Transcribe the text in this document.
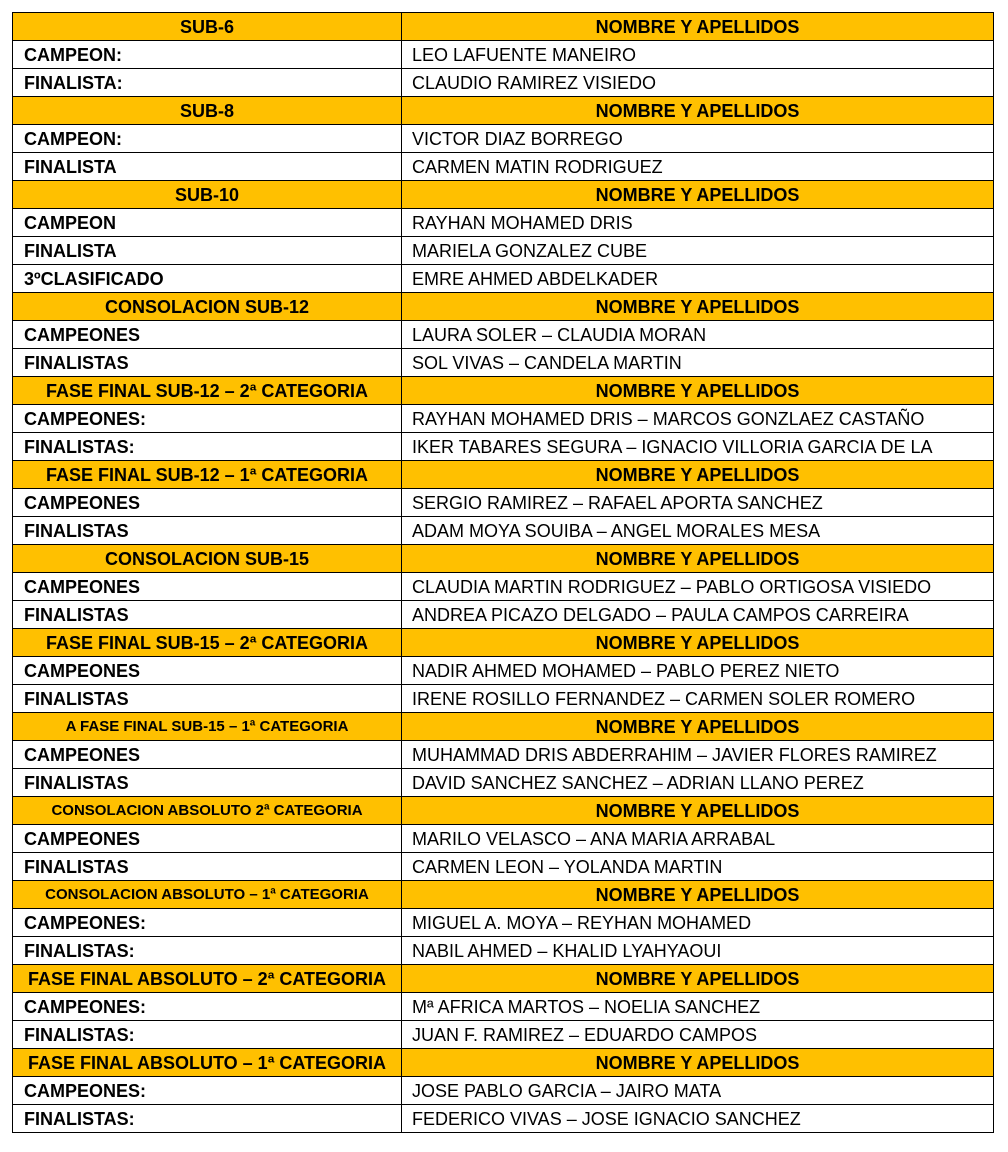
SUB-6	NOMBRE Y APELLIDOS
CAMPEON:	LEO LAFUENTE MANEIRO
FINALISTA:	CLAUDIO RAMIREZ VISIEDO
SUB-8	NOMBRE Y APELLIDOS
CAMPEON:	VICTOR DIAZ BORREGO
FINALISTA	CARMEN MATIN RODRIGUEZ
SUB-10	NOMBRE Y APELLIDOS
CAMPEON	RAYHAN MOHAMED DRIS
FINALISTA	MARIELA GONZALEZ CUBE
3ºCLASIFICADO	EMRE AHMED ABDELKADER
CONSOLACION SUB-12	NOMBRE Y APELLIDOS
CAMPEONES	LAURA SOLER – CLAUDIA MORAN
FINALISTAS	SOL VIVAS – CANDELA MARTIN
FASE FINAL SUB-12 – 2ª CATEGORIA	NOMBRE Y APELLIDOS
CAMPEONES:	RAYHAN MOHAMED DRIS – MARCOS GONZLAEZ CASTAÑO
FINALISTAS:	IKER TABARES SEGURA – IGNACIO VILLORIA GARCIA DE LA
FASE FINAL SUB-12 – 1ª CATEGORIA	NOMBRE Y APELLIDOS
CAMPEONES	SERGIO RAMIREZ – RAFAEL APORTA SANCHEZ
FINALISTAS	ADAM MOYA SOUIBA – ANGEL MORALES MESA
CONSOLACION SUB-15	NOMBRE Y APELLIDOS
CAMPEONES	CLAUDIA MARTIN RODRIGUEZ – PABLO ORTIGOSA VISIEDO
FINALISTAS	ANDREA PICAZO DELGADO – PAULA CAMPOS CARREIRA
FASE FINAL SUB-15 – 2ª CATEGORIA	NOMBRE Y APELLIDOS
CAMPEONES	NADIR AHMED MOHAMED – PABLO PEREZ NIETO
FINALISTAS	IRENE ROSILLO FERNANDEZ – CARMEN SOLER ROMERO
A FASE FINAL SUB-15 – 1ª CATEGORIA	NOMBRE Y APELLIDOS
CAMPEONES	MUHAMMAD DRIS ABDERRAHIM – JAVIER FLORES RAMIREZ
FINALISTAS	DAVID SANCHEZ SANCHEZ – ADRIAN LLANO PEREZ
CONSOLACION ABSOLUTO 2ª CATEGORIA	NOMBRE Y APELLIDOS
CAMPEONES	MARILO VELASCO – ANA MARIA ARRABAL
FINALISTAS	CARMEN LEON – YOLANDA MARTIN
CONSOLACION ABSOLUTO – 1ª CATEGORIA	NOMBRE Y APELLIDOS
CAMPEONES:	MIGUEL A. MOYA – REYHAN MOHAMED
FINALISTAS:	NABIL AHMED – KHALID LYAHYAOUI
FASE FINAL ABSOLUTO – 2ª CATEGORIA	NOMBRE Y APELLIDOS
CAMPEONES:	Mª AFRICA MARTOS – NOELIA SANCHEZ
FINALISTAS:	JUAN F. RAMIREZ – EDUARDO CAMPOS
FASE FINAL ABSOLUTO – 1ª CATEGORIA	NOMBRE Y APELLIDOS
CAMPEONES:	JOSE PABLO GARCIA – JAIRO MATA
FINALISTAS:	FEDERICO VIVAS – JOSE IGNACIO SANCHEZ
